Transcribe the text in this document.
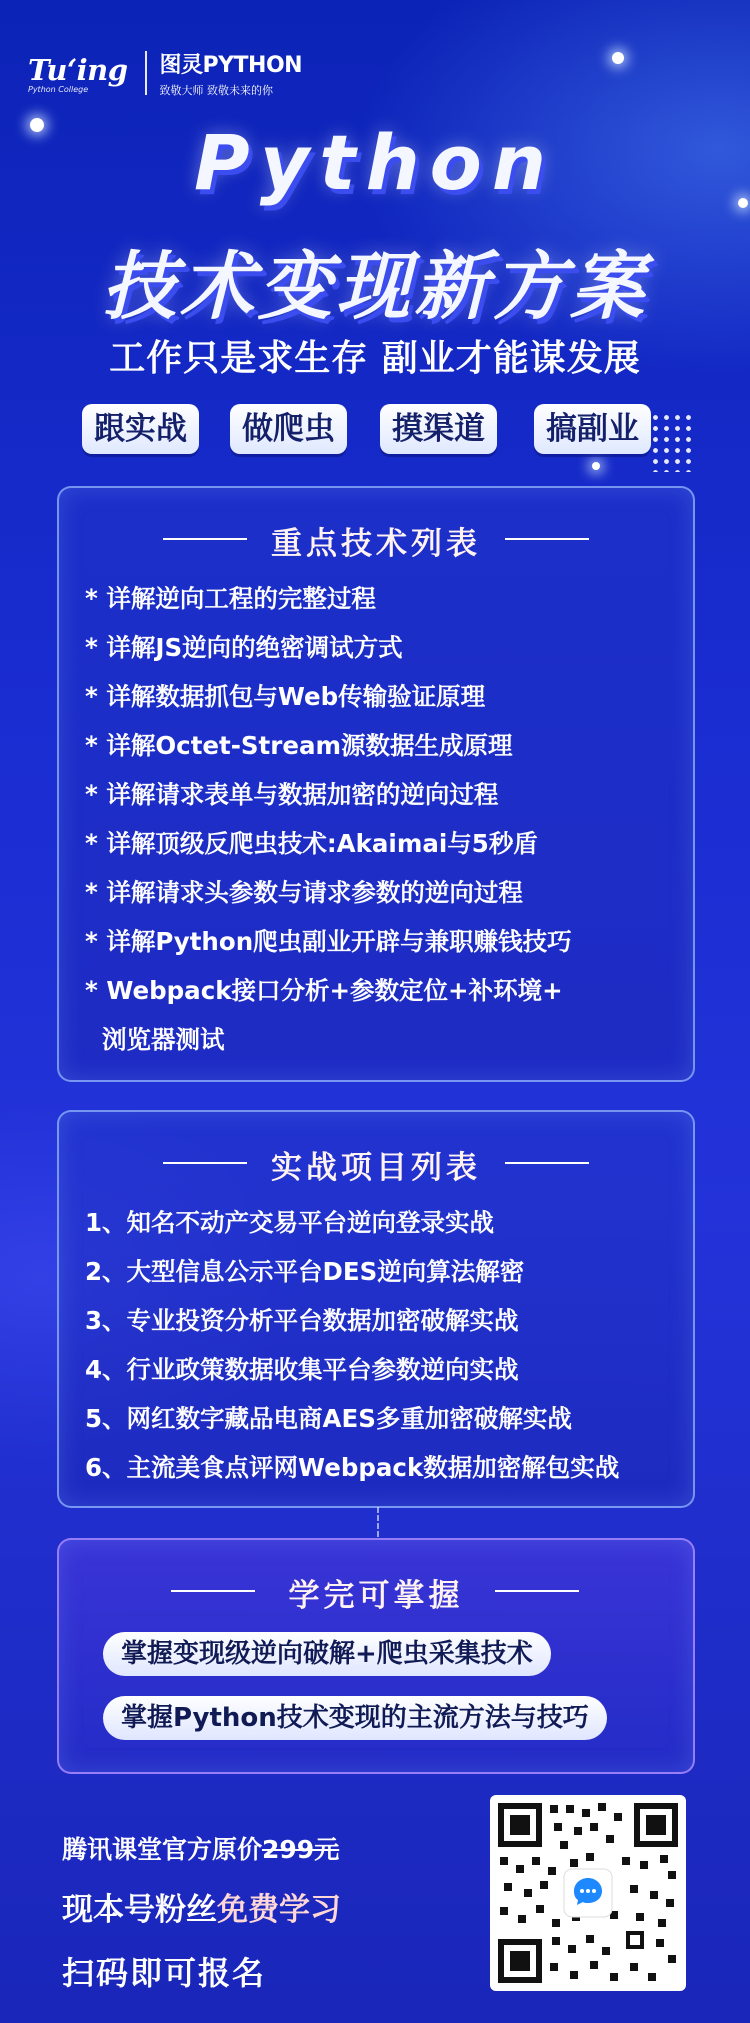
Tuʻing
Python College
图灵PYTHON
致敬大师 致敬未来的你
Python
技术变现新方案
工作只是求生存 副业才能谋发展
跟实战	做爬虫	摸渠道	搞副业
重点技术列表
* 详解逆向工程的完整过程
* 详解JS逆向的绝密调试方式
* 详解数据抓包与Web传输验证原理
* 详解Octet-Stream源数据生成原理
* 详解请求表单与数据加密的逆向过程
* 详解顶级反爬虫技术:Akaimai与5秒盾
* 详解请求头参数与请求参数的逆向过程
* 详解Python爬虫副业开辟与兼职赚钱技巧
* Webpack接口分析+参数定位+补环境+
浏览器测试
实战项目列表
1、知名不动产交易平台逆向登录实战
2、大型信息公示平台DES逆向算法解密
3、专业投资分析平台数据加密破解实战
4、行业政策数据收集平台参数逆向实战
5、网红数字藏品电商AES多重加密破解实战
6、主流美食点评网Webpack数据加密解包实战
学完可掌握
掌握变现级逆向破解+爬虫采集技术
掌握Python技术变现的主流方法与技巧
腾讯课堂官方原价299元
现本号粉丝免费学习
扫码即可报名
